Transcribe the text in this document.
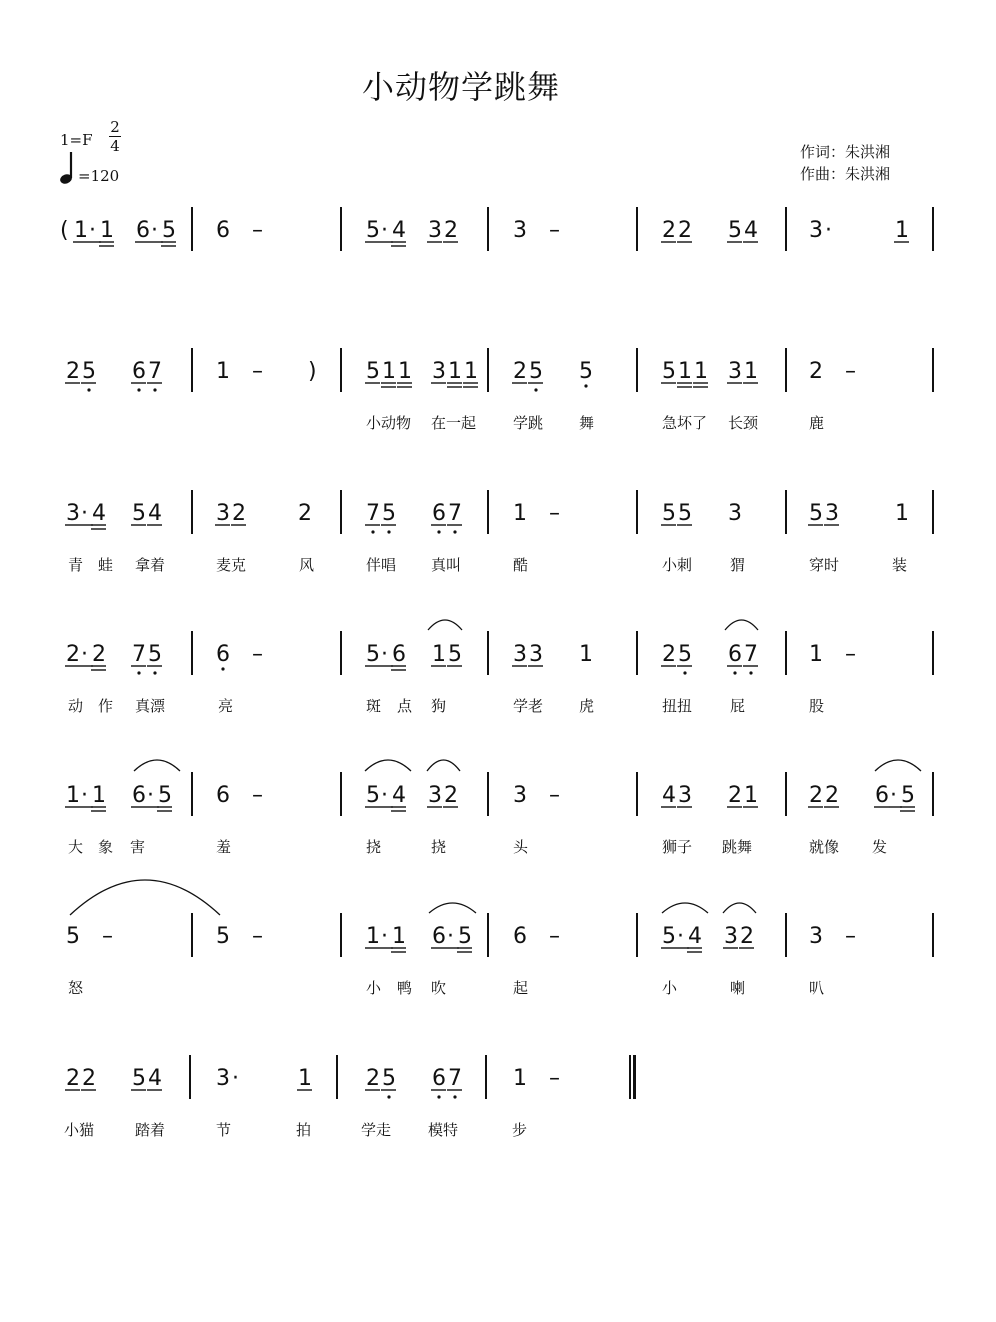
小动物学跳舞
1=F
2
4
=120
作词：朱洪湘
作曲：朱洪湘
( 1 · 1 6 · 5 6 –	5 · 4 3 2	3 –	2 2 5 4 3 ·	1
2 5 6 7 1 – ) 5 1 1 3 1 1 2 5 5	5 1 1 3 1 2 –
小动物 在一起 学跳 舞	急坏了 长颈	鹿
3 · 4 5 4 3 2 2 7 5 6 7 1 –	5 5 3	5 3	1
青 蛙 拿着	麦克	风	伴唱 真叫	酷	小刺	猬	穿时	装
2 · 2 7 5 6 –	5 · 6 1 5 3 3 1	2 5 6 7 1 –
动 作 真漂	亮	斑 点 狗	学老 虎	扭扭	屁	股
1 · 1 6 · 5 6 –	5 · 4 3 2	3 –	4 3 2 1 2 2 6 · 5
大 象 害	羞	挠	挠	头	狮子 跳舞	就像 发
5 –	5 –	1 · 1 6 · 5 6 –	5 · 4 3 2	3 –
怒	小 鸭 吹	起	小	喇	叭
2 2 5 4 3 ·	1 2 5 6 7 1 –
小猫	踏着	节	拍	学走 模特	步
